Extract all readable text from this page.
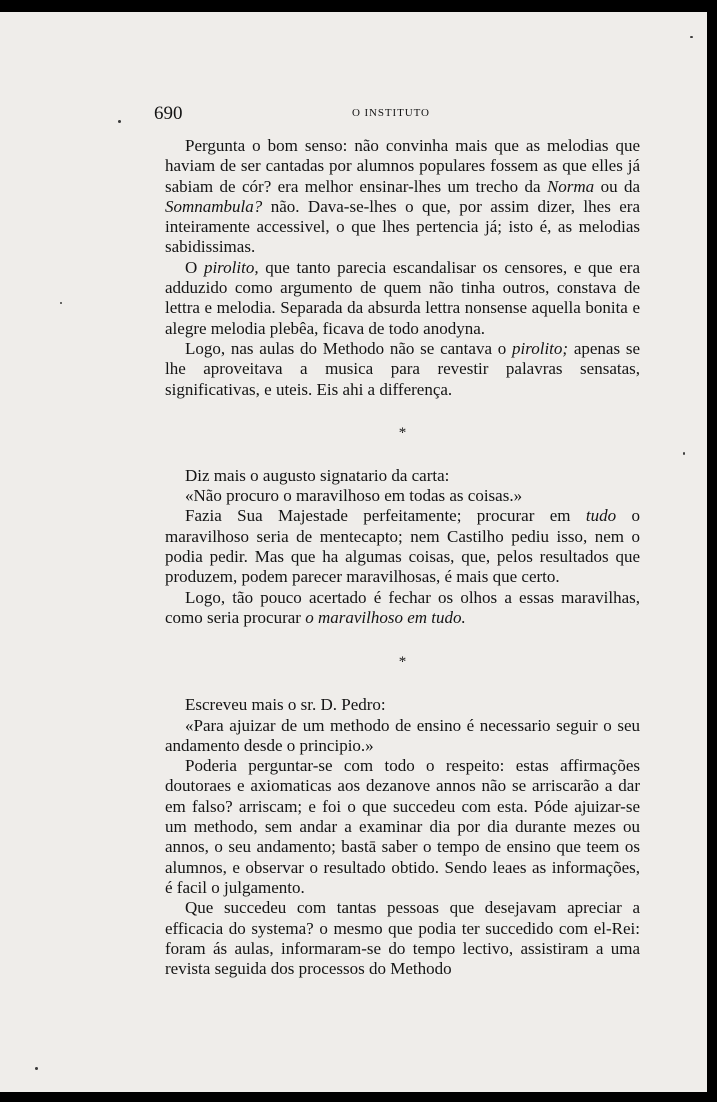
690	O INSTITUTO

Pergunta o bom senso: não convinha mais que as melodias que haviam de ser cantadas por alumnos populares fossem as que elles já sabiam de cór? era melhor ensinar-lhes um trecho da Norma ou da Somnambula? não. Dava-se-lhes o que, por assim dizer, lhes era inteiramente accessivel, o que lhes pertencia já; isto é, as melodias sabidissimas.

O pirolito, que tanto parecia escandalisar os censores, e que era adduzido como argumento de quem não tinha outros, constava de lettra e melodia. Separada da absurda lettra nonsense aquella bonita e alegre melodia plebêa, ficava de todo anodyna.

Logo, nas aulas do Methodo não se cantava o pirolito; apenas se lhe aproveitava a musica para revestir palavras sensatas, significativas, e uteis. Eis ahi a differença.

*

Diz mais o augusto signatario da carta:

«Não procuro o maravilhoso em todas as coisas.»

Fazia Sua Majestade perfeitamente; procurar em tudo o maravilhoso seria de mentecapto; nem Castilho pediu isso, nem o podia pedir. Mas que ha algumas coisas, que, pelos resultados que produzem, podem parecer maravilhosas, é mais que certo.

Logo, tão pouco acertado é fechar os olhos a essas maravilhas, como seria procurar o maravilhoso em tudo.

*

Escreveu mais o sr. D. Pedro:

«Para ajuizar de um methodo de ensino é necessario seguir o seu andamento desde o principio.»

Poderia perguntar-se com todo o respeito: estas affirmações doutoraes e axiomaticas aos dezanove annos não se arriscarão a dar em falso? arriscam; e foi o que succedeu com esta. Póde ajuizar-se um methodo, sem andar a examinar dia por dia durante mezes ou annos, o seu andamento; bastā saber o tempo de ensino que teem os alumnos, e observar o resultado obtido. Sendo leaes as informações, é facil o julgamento.

Que succedeu com tantas pessoas que desejavam apreciar a efficacia do systema? o mesmo que podia ter succedido com el-Rei: foram ás aulas, informaram-se do tempo lectivo, assistiram a uma revista seguida dos processos do Methodo
